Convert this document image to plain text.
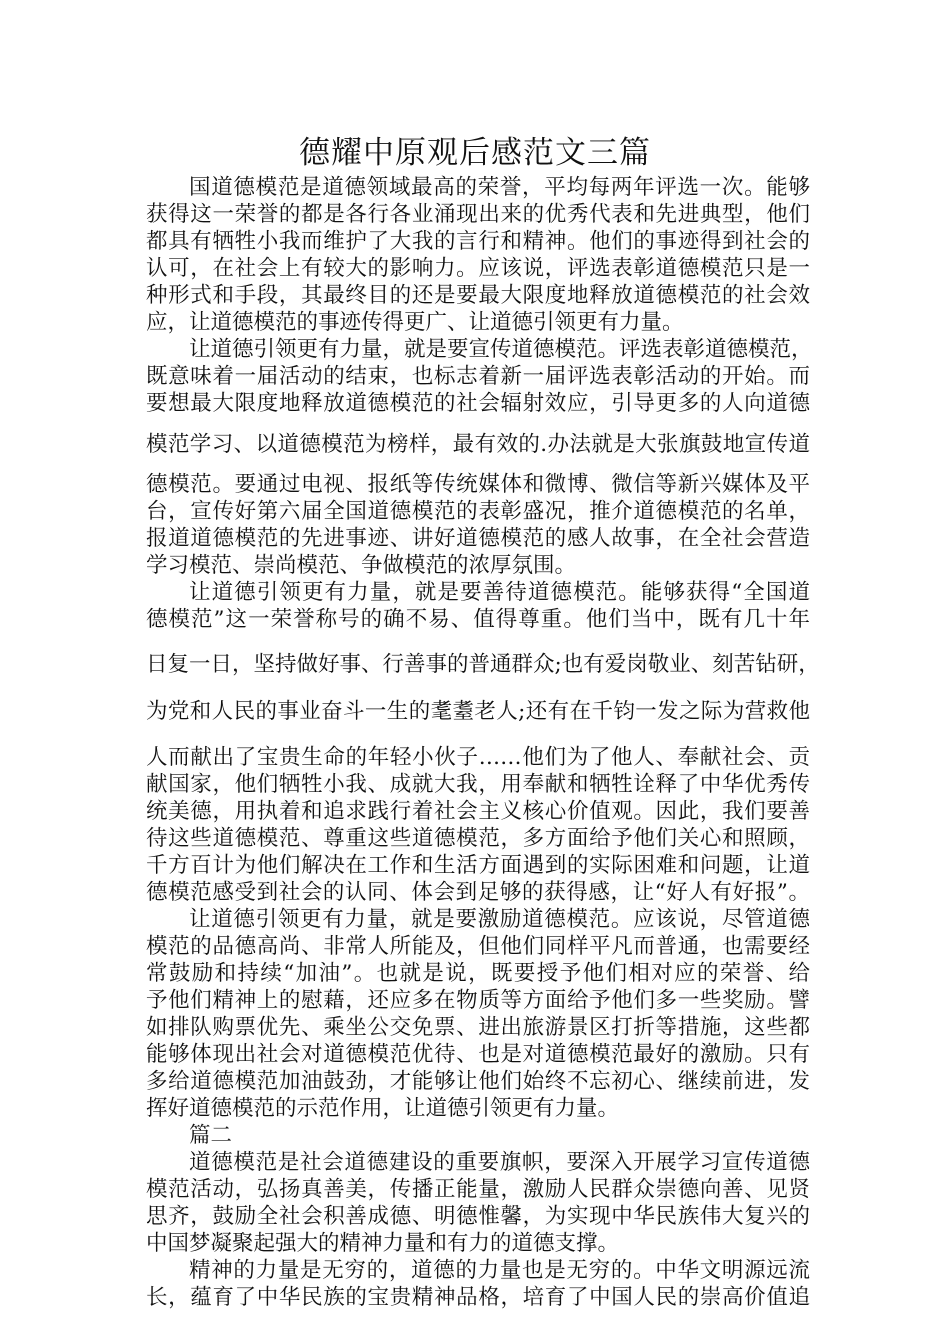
德耀中原观后感范文三篇
国道德模范是道德领域最高的荣誉，平均每两年评选一次。能够
获得这一荣誉的都是各行各业涌现出来的优秀代表和先进典型，他们
都具有牺牲小我而维护了大我的言行和精神。他们的事迹得到社会的
认可，在社会上有较大的影响力。应该说，评选表彰道德模范只是一
种形式和手段，其最终目的还是要最大限度地释放道德模范的社会效
应，让道德模范的事迹传得更广、让道德引领更有力量。
让道德引领更有力量，就是要宣传道德模范。评选表彰道德模范，
既意味着一届活动的结束，也标志着新一届评选表彰活动的开始。而
要想最大限度地释放道德模范的社会辐射效应，引导更多的人向道德
模范学习、以道德模范为榜样，最有效的.办法就是大张旗鼓地宣传道
德模范。要通过电视、报纸等传统媒体和微博、微信等新兴媒体及平
台，宣传好第六届全国道德模范的表彰盛况，推介道德模范的名单，
报道道德模范的先进事迹、讲好道德模范的感人故事，在全社会营造
学习模范、崇尚模范、争做模范的浓厚氛围。
让道德引领更有力量，就是要善待道德模范。能够获得“全国道
德模范”这一荣誉称号的确不易、值得尊重。他们当中，既有几十年
日复一日，坚持做好事、行善事的普通群众;也有爱岗敬业、刻苦钻研，
为党和人民的事业奋斗一生的耄耋老人;还有在千钧一发之际为营救他
人而献出了宝贵生命的年轻小伙子……他们为了他人、奉献社会、贡
献国家，他们牺牲小我、成就大我，用奉献和牺牲诠释了中华优秀传
统美德，用执着和追求践行着社会主义核心价值观。因此，我们要善
待这些道德模范、尊重这些道德模范，多方面给予他们关心和照顾，
千方百计为他们解决在工作和生活方面遇到的实际困难和问题，让道
德模范感受到社会的认同、体会到足够的获得感，让“好人有好报”。
让道德引领更有力量，就是要激励道德模范。应该说，尽管道德
模范的品德高尚、非常人所能及，但他们同样平凡而普通，也需要经
常鼓励和持续“加油”。也就是说，既要授予他们相对应的荣誉、给
予他们精神上的慰藉，还应多在物质等方面给予他们多一些奖励。譬
如排队购票优先、乘坐公交免票、进出旅游景区打折等措施，这些都
能够体现出社会对道德模范优待、也是对道德模范最好的激励。只有
多给道德模范加油鼓劲，才能够让他们始终不忘初心、继续前进，发
挥好道德模范的示范作用，让道德引领更有力量。
篇二
道德模范是社会道德建设的重要旗帜，要深入开展学习宣传道德
模范活动，弘扬真善美，传播正能量，激励人民群众崇德向善、见贤
思齐，鼓励全社会积善成德、明德惟馨，为实现中华民族伟大复兴的
中国梦凝聚起强大的精神力量和有力的道德支撑。
精神的力量是无穷的，道德的力量也是无穷的。中华文明源远流
长，蕴育了中华民族的宝贵精神品格，培育了中国人民的崇高价值追
